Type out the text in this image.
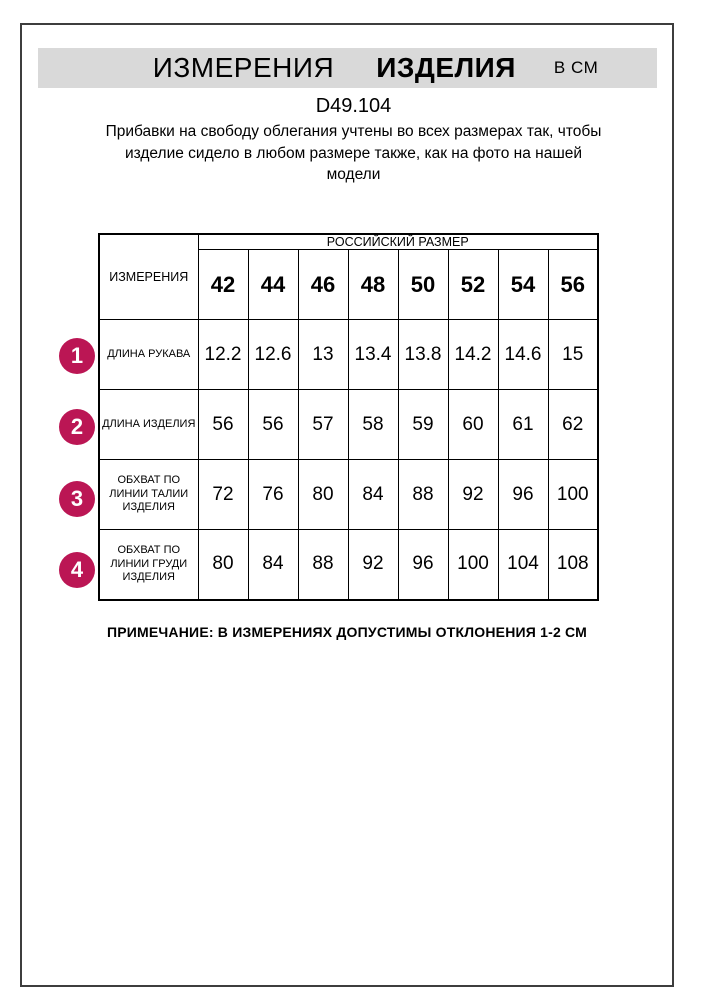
ИЗМЕРЕНИЯ ИЗДЕЛИЯ В СМ
D49.104
Прибавки на свободу облегания учтены во всех размерах так, чтобы
изделие сидело в любом размере также, как на фото на нашей
модели
ИЗМЕРЕНИЯ	РОССИЙСКИЙ РАЗМЕР							
	42	44	46	48	50	52	54	56
ДЛИНА РУКАВА	12.2	12.6	13	13.4	13.8	14.2	14.6	15
ДЛИНА ИЗДЕЛИЯ	56	56	57	58	59	60	61	62
ОБХВАТ ПО ЛИНИИ ТАЛИИ ИЗДЕЛИЯ	72	76	80	84	88	92	96	100
ОБХВАТ ПО ЛИНИИ ГРУДИ ИЗДЕЛИЯ	80	84	88	92	96	100	104	108
1
2
3
4
ПРИМЕЧАНИЕ: В ИЗМЕРЕНИЯХ ДОПУСТИМЫ ОТКЛОНЕНИЯ 1-2 СМ
